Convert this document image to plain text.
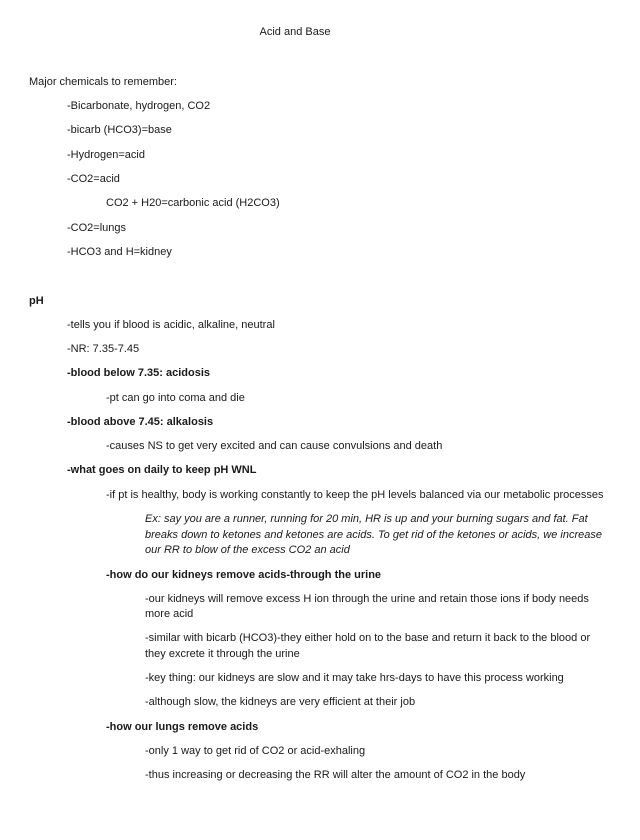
Acid and Base
Major chemicals to remember:
-Bicarbonate, hydrogen, CO2
-bicarb (HCO3)=base
-Hydrogen=acid
-CO2=acid
CO2 + H20=carbonic acid (H2CO3)
-CO2=lungs
-HCO3 and H=kidney
pH
-tells you if blood is acidic, alkaline, neutral
-NR: 7.35-7.45
-blood below 7.35: acidosis
-pt can go into coma and die
-blood above 7.45: alkalosis
-causes NS to get very excited and can cause convulsions and death
-what goes on daily to keep pH WNL
-if pt is healthy, body is working constantly to keep the pH levels balanced via our metabolic processes
Ex: say you are a runner, running for 20 min, HR is up and your burning sugars and fat. Fat
breaks down to ketones and ketones are acids. To get rid of the ketones or acids, we increase
our RR to blow of the excess CO2 an acid
-how do our kidneys remove acids-through the urine
-our kidneys will remove excess H ion through the urine and retain those ions if body needs
more acid
-similar with bicarb (HCO3)-they either hold on to the base and return it back to the blood or
they excrete it through the urine
-key thing: our kidneys are slow and it may take hrs-days to have this process working
-although slow, the kidneys are very efficient at their job
-how our lungs remove acids
-only 1 way to get rid of CO2 or acid-exhaling
-thus increasing or decreasing the RR will alter the amount of CO2 in the body
